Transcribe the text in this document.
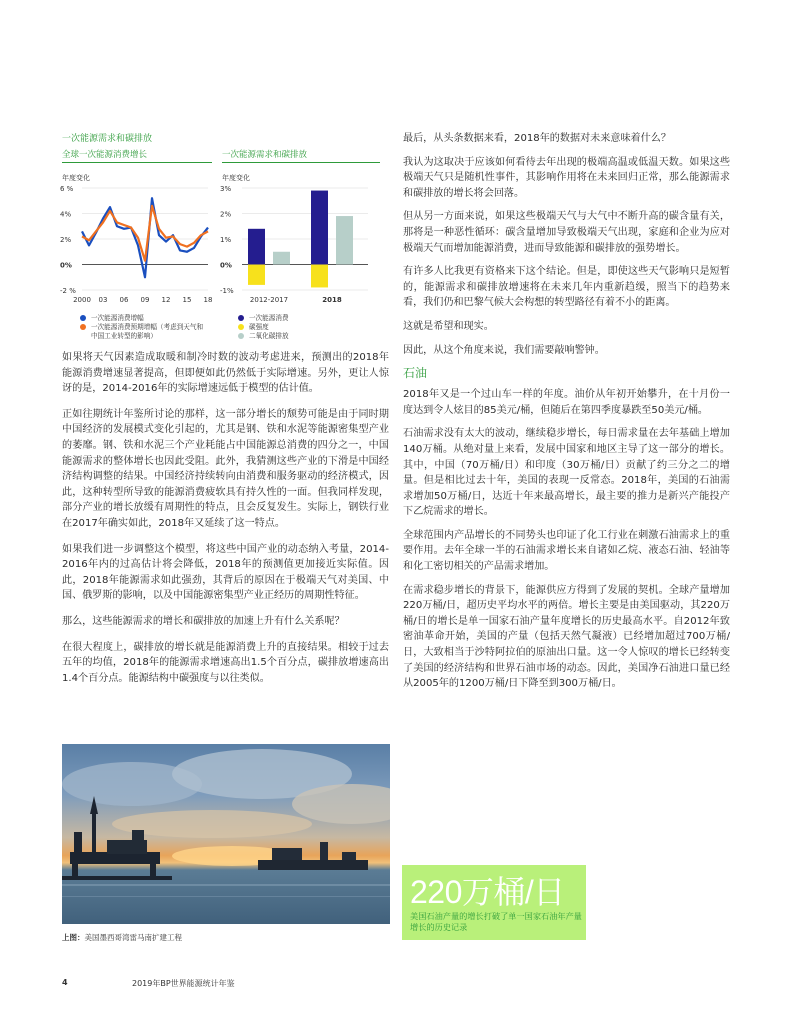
一次能源需求和碳排放
全球一次能源消费增长	一次能源需求和碳排放
年度变化
6 %
4%
2%
0%
-2 %
2000 03 06 09 12 15 18
年度变化
3%
2%
1%
0%
-1%
2012-2017	2018
一次能源消费增幅
一次能源消费预期增幅（考虑到天气和中国工业转型的影响）
一次能源消费
碳强度
二氧化碳排放

如果将天气因素造成取暖和制冷时数的波动考虑进来，预测出的2018年能源消费增速显著提高，但即便如此仍然低于实际增速。另外，更让人惊讶的是，2014-2016年的实际增速远低于模型的估计值。

正如往期统计年鉴所讨论的那样，这一部分增长的颓势可能是由于同时期中国经济的发展模式变化引起的，尤其是钢、铁和水泥等能源密集型产业的萎靡。钢、铁和水泥三个产业耗能占中国能源总消费的四分之一，中国能源需求的整体增长也因此受阻。此外，我猜测这些产业的下滑是中国经济结构调整的结果。中国经济持续转向由消费和服务驱动的经济模式，因此，这种转型所导致的能源消费疲软具有持久性的一面。但我同样发现，部分产业的增长放缓有周期性的特点，且会反复发生。实际上，钢铁行业在2017年确实如此，2018年又延续了这一特点。

如果我们进一步调整这个模型，将这些中国产业的动态纳入考量，2014-2016年内的过高估计将会降低，2018年的预测值更加接近实际值。因此，2018年能源需求如此强劲，其背后的原因在于极端天气对美国、中国、俄罗斯的影响，以及中国能源密集型产业正经历的周期性特征。

那么，这些能源需求的增长和碳排放的加速上升有什么关系呢？

在很大程度上，碳排放的增长就是能源消费上升的直接结果。相较于过去五年的均值，2018年的能源需求增速高出1.5个百分点，碳排放增速高出1.4个百分点。能源结构中碳强度与以往类似。

最后，从头条数据来看，2018年的数据对未来意味着什么？

我认为这取决于应该如何看待去年出现的极端高温或低温天数。如果这些极端天气只是随机性事件，其影响作用将在未来回归正常，那么能源需求和碳排放的增长将会回落。

但从另一方面来说，如果这些极端天气与大气中不断升高的碳含量有关，那将是一种恶性循环：碳含量增加导致极端天气出现，家庭和企业为应对极端天气而增加能源消费，进而导致能源和碳排放的强势增长。

有许多人比我更有资格来下这个结论。但是，即使这些天气影响只是短暂的，能源需求和碳排放增速将在未来几年内重新趋缓，照当下的趋势来看，我们仍和巴黎气候大会构想的转型路径有着不小的距离。

这就是希望和现实。

因此，从这个角度来说，我们需要敲响警钟。

石油

2018年又是一个过山车一样的年度。油价从年初开始攀升，在十月份一度达到令人炫目的85美元/桶，但随后在第四季度暴跌至50美元/桶。

石油需求没有太大的波动，继续稳步增长，每日需求量在去年基础上增加140万桶。从绝对量上来看，发展中国家和地区主导了这一部分的增长。其中，中国（70万桶/日）和印度（30万桶/日）贡献了约三分之二的增量。但是相比过去十年，美国的表现一反常态。2018年，美国的石油需求增加50万桶/日，达近十年来最高增长，最主要的推力是新兴产能投产下乙烷需求的增长。

全球范围内产品增长的不同势头也印证了化工行业在刺激石油需求上的重要作用。去年全球一半的石油需求增长来自诸如乙烷、液态石油、轻油等和化工密切相关的产品需求增加。

在需求稳步增长的背景下，能源供应方得到了发展的契机。全球产量增加220万桶/日，超历史平均水平的两倍。增长主要是由美国驱动，其220万桶/日的增长是单一国家石油产量年度增长的历史最高水平。自2012年致密油革命开始，美国的产量（包括天然气凝液）已经增加超过700万桶/日，大致相当于沙特阿拉伯的原油出口量。这一令人惊叹的增长已经转变了美国的经济结构和世界石油市场的动态。因此，美国净石油进口量已经从2005年的1200万桶/日下降至到300万桶/日。

上图：美国墨西哥湾雷马南扩建工程
220万桶/日
美国石油产量的增长打破了单一国家石油年产量增长的历史记录
4	2019年BP世界能源统计年鉴
